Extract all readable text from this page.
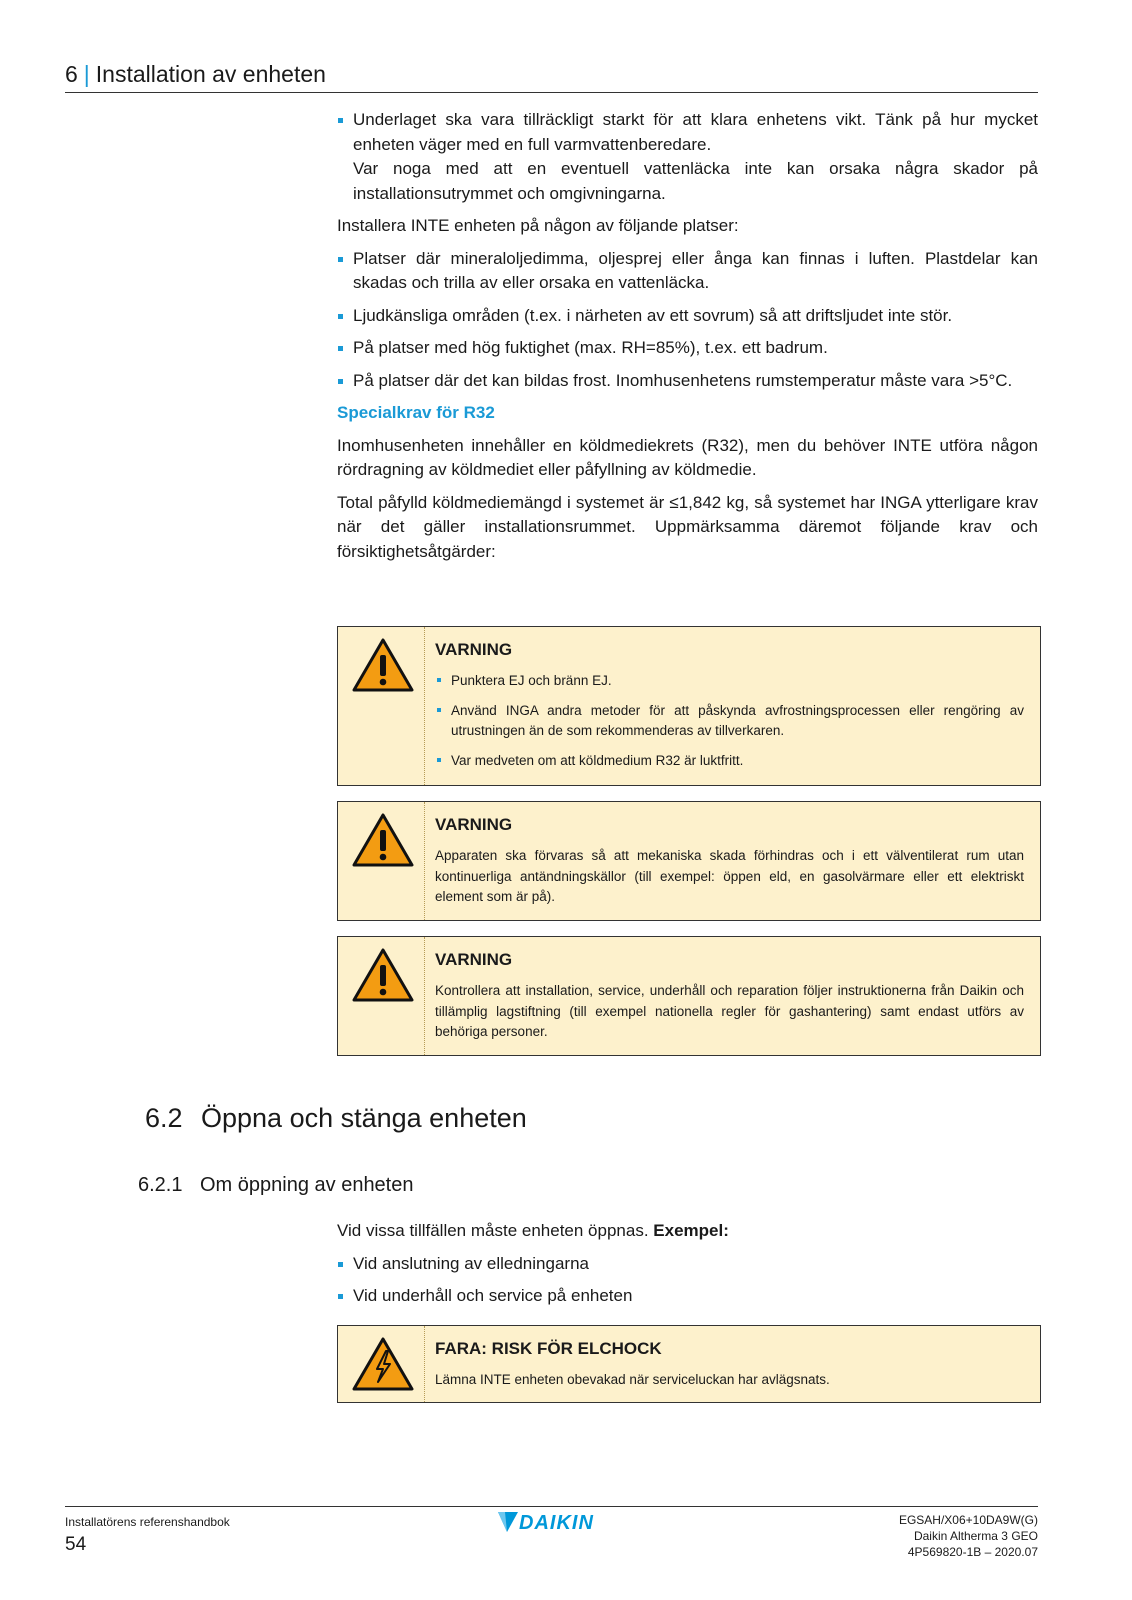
6 | Installation av enheten
Underlaget ska vara tillräckligt starkt för att klara enhetens vikt. Tänk på hur mycket enheten väger med en full varmvattenberedare.
Var noga med att en eventuell vattenläcka inte kan orsaka några skador på installationsutrymmet och omgivningarna.

Installera INTE enheten på någon av följande platser:

Platser där mineraloljedimma, oljesprej eller ånga kan finnas i luften. Plastdelar kan skadas och trilla av eller orsaka en vattenläcka.
Ljudkänsliga områden (t.ex. i närheten av ett sovrum) så att driftsljudet inte stör.
På platser med hög fuktighet (max. RH=85%), t.ex. ett badrum.
På platser där det kan bildas frost. Inomhusenhetens rumstemperatur måste vara >5°C.
Specialkrav för R32

Inomhusenheten innehåller en köldmediekrets (R32), men du behöver INTE utföra någon rördragning av köldmediet eller påfyllning av köldmedie.

Total påfylld köldmediemängd i systemet är ≤1,842 kg, så systemet har INGA ytterligare krav när det gäller installationsrummet. Uppmärksamma däremot följande krav och försiktighetsåtgärder:

VARNING
Punktera EJ och bränn EJ.
Använd INGA andra metoder för att påskynda avfrostningsprocessen eller rengöring av utrustningen än de som rekommenderas av tillverkaren.
Var medveten om att köldmedium R32 är luktfritt.
VARNING
Apparaten ska förvaras så att mekaniska skada förhindras och i ett välventilerat rum utan kontinuerliga antändningskällor (till exempel: öppen eld, en gasolvärmare eller ett elektriskt element som är på).
VARNING
Kontrollera att installation, service, underhåll och reparation följer instruktionerna från Daikin och tillämplig lagstiftning (till exempel nationella regler för gashantering) samt endast utförs av behöriga personer.
6.2 Öppna och stänga enheten
6.2.1 Om öppning av enheten

Vid vissa tillfällen måste enheten öppnas. Exempel:

Vid anslutning av elledningarna
Vid underhåll och service på enheten
FARA: RISK FÖR ELCHOCK
Lämna INTE enheten obevakad när serviceluckan har avlägsnats.
Installatörens referenshandbok
54
DAIKIN	EGSAH/X06+10DA9W(G)
Daikin Altherma 3 GEO
4P569820-1B – 2020.07
